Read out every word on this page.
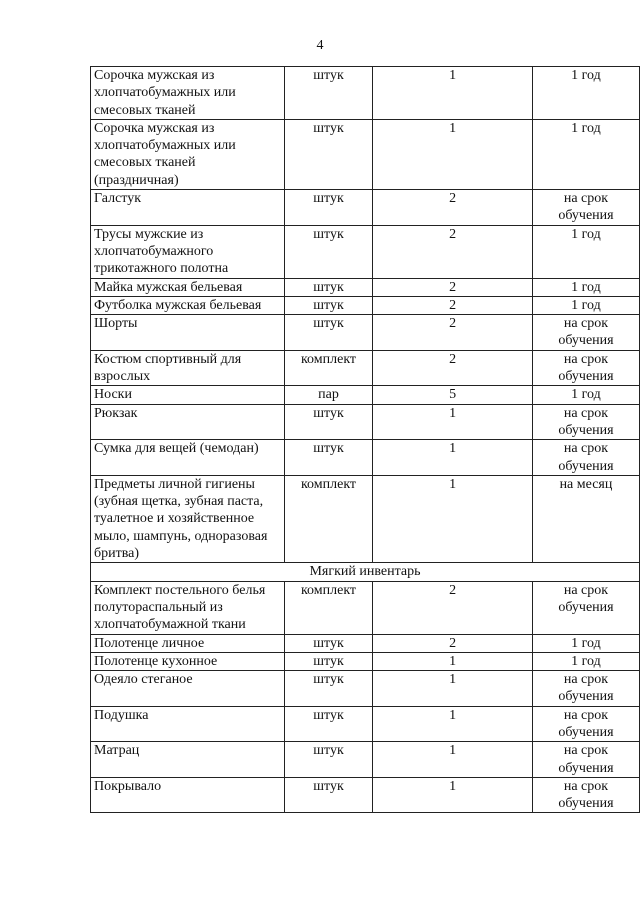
4
Сорочка мужская из хлопчатобумажных или смесовых тканей	штук	1	1 год
Сорочка мужская из хлопчатобумажных или смесовых тканей (праздничная)	штук	1	1 год
Галстук	штук	2	на срок обучения
Трусы мужские из хлопчатобумажного трикотажного полотна	штук	2	1 год
Майка мужская бельевая	штук	2	1 год
Футболка мужская бельевая	штук	2	1 год
Шорты	штук	2	на срок обучения
Костюм спортивный для взрослых	комплект	2	на срок обучения
Носки	пар	5	1 год
Рюкзак	штук	1	на срок обучения
Сумка для вещей (чемодан)	штук	1	на срок обучения
Предметы личной гигиены (зубная щетка, зубная паста, туалетное и хозяйственное мыло, шампунь, одноразовая бритва)	комплект	1	на месяц
Мягкий инвентарь			
Комплект постельного белья полутораспальный из хлопчатобумажной ткани	комплект	2	на срок обучения
Полотенце личное	штук	2	1 год
Полотенце кухонное	штук	1	1 год
Одеяло стеганое	штук	1	на срок обучения
Подушка	штук	1	на срок обучения
Матрац	штук	1	на срок обучения
Покрывало	штук	1	на срок обучения
